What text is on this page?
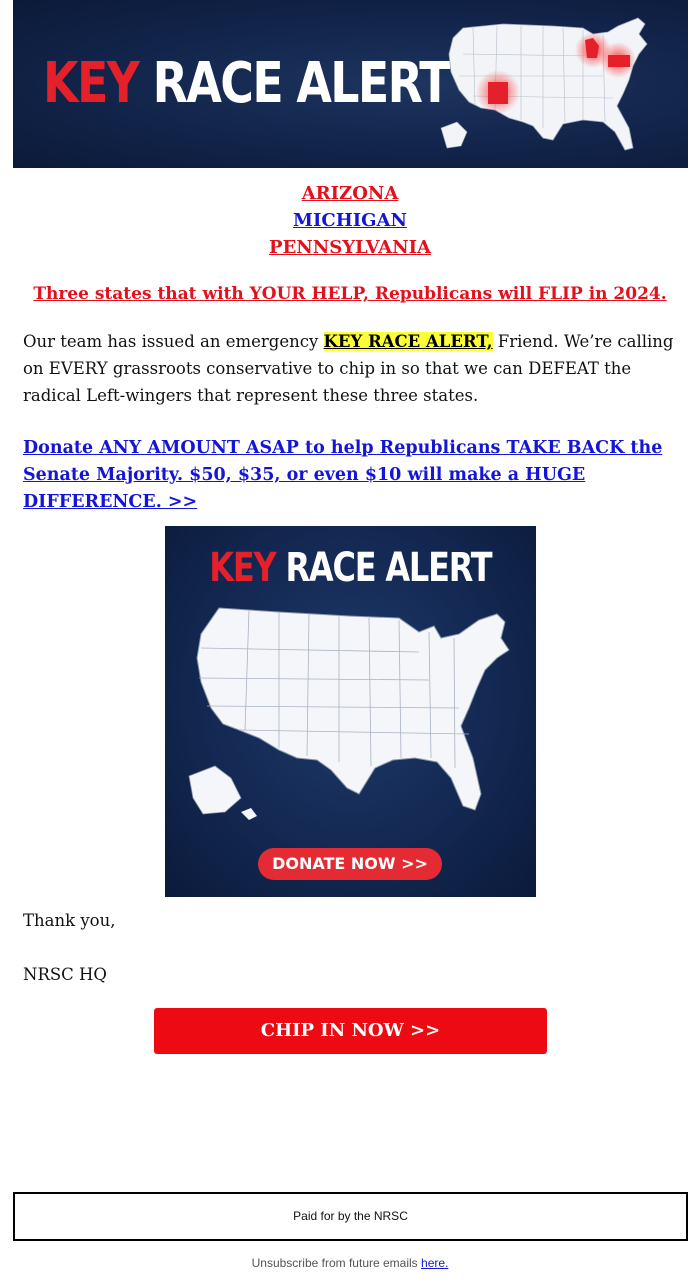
KEY RACE ALERT
ARIZONA
MICHIGAN
PENNSYLVANIA
Three states that with YOUR HELP, Republicans will FLIP in 2024.
Our team has issued an emergency KEY RACE ALERT, Friend. We’re calling on EVERY grassroots conservative to chip in so that we can DEFEAT the radical Left-wingers that represent these three states.
Donate ANY AMOUNT ASAP to help Republicans TAKE BACK the Senate Majority. $50, $35, or even $10 will make a HUGE DIFFERENCE. >>
KEY RACE ALERT
DONATE NOW >>
Thank you,
NRSC HQ
CHIP IN NOW >>
Paid for by the NRSC
Unsubscribe from future emails here.
